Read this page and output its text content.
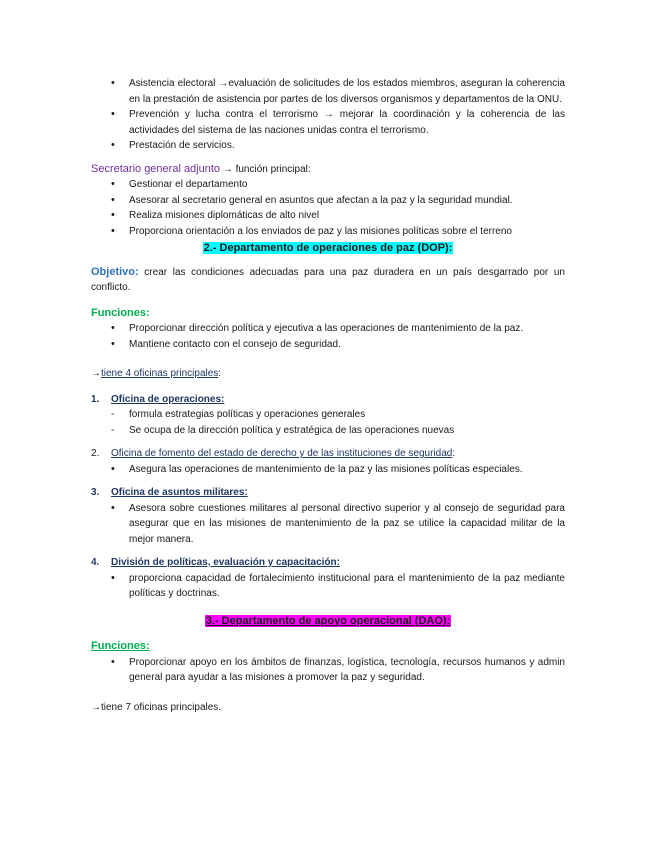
• Asistencia electoral →evaluación de solicitudes de los estados miembros, aseguran la coherencia en la prestación de asistencia por partes de los diversos organismos y departamentos de la ONU.
• Prevención y lucha contra el terrorismo → mejorar la coordinación y la coherencia de las actividades del sistema de las naciones unidas contra el terrorismo.
• Prestación de servicios.

Secretario general adjunto → función principal:

• Gestionar el departamento
• Asesorar al secretario general en asuntos que afectan a la paz y la seguridad mundial.
• Realiza misiones diplomáticas de alto nivel
• Proporciona orientación a los enviados de paz y las misiones políticas sobre el terreno

2.- Departamento de operaciones de paz (DOP):

Objetivo: crear las condiciones adecuadas para una paz duradera en un país desgarrado por un conflicto.

Funciones:

• Proporcionar dirección política y ejecutiva a las operaciones de mantenimiento de la paz.
• Mantiene contacto con el consejo de seguridad.

→tiene 4 oficinas principales:

1. Oficina de operaciones:
- formula estrategias políticas y operaciones generales
- Se ocupa de la dirección política y estratégica de las operaciones nuevas
2. Oficina de fomento del estado de derecho y de las instituciones de seguridad:
• Asegura las operaciones de mantenimiento de la paz y las misiones políticas especiales.
3. Oficina de asuntos militares:
• Asesora sobre cuestiones militares al personal directivo superior y al consejo de seguridad para asegurar que en las misiones de mantenimiento de la paz se utilice la capacidad militar de la mejor manera.
4. División de políticas, evaluación y capacitación:
• proporciona capacidad de fortalecimiento institucional para el mantenimiento de la paz mediante políticas y doctrinas.

3.- Departamento de apoyo operacional (DAO):

Funciones:

• Proporcionar apoyo en los ámbitos de finanzas, logística, tecnología, recursos humanos y admin general para ayudar a las misiones a promover la paz y seguridad.

→tiene 7 oficinas principales.
